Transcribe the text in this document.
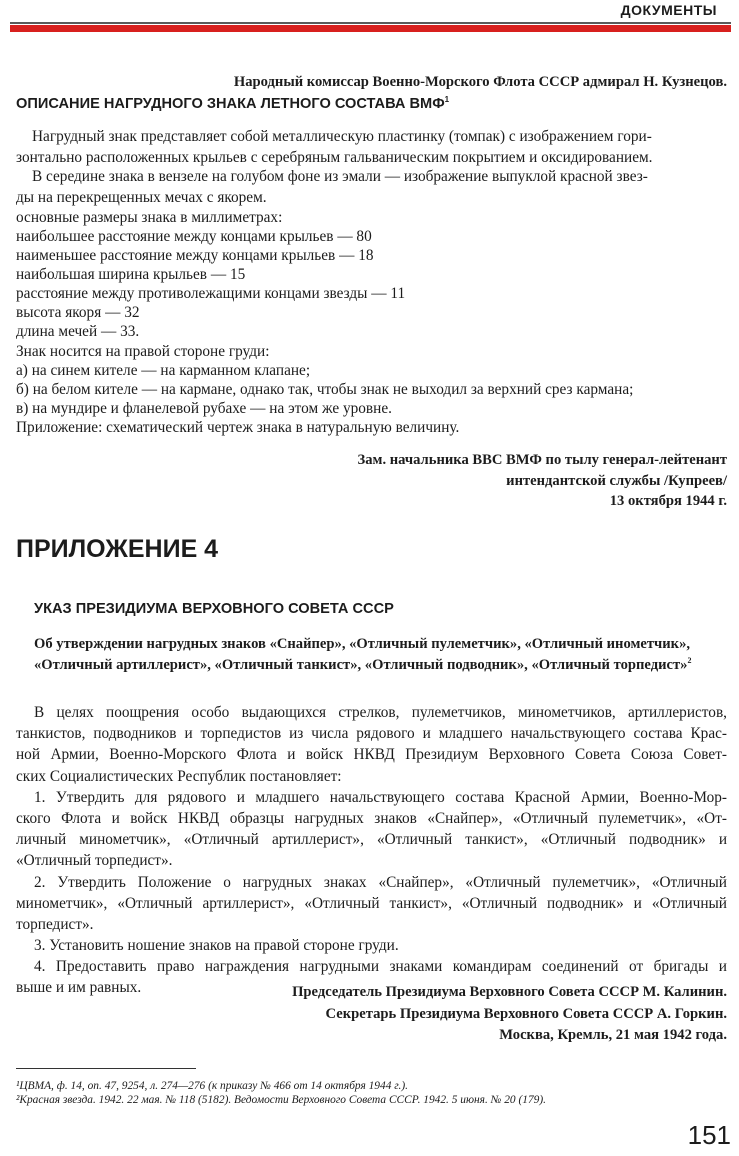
ДОКУМЕНТЫ
Народный комиссар Военно-Морского Флота СССР адмирал Н. Кузнецов.
ОПИСАНИЕ НАГРУДНОГО ЗНАКА ЛЕТНОГО СОСТАВА ВМФ$^1$
Нагрудный знак представляет собой металлическую пластинку (томпак) с изображением гори-
зонтально расположенных крыльев с серебряным гальваническим покрытием и оксидированием.
В середине знака в вензеле на голубом фоне из эмали — изображение выпуклой красной звез-
ды на перекрещенных мечах с якорем.
основные размеры знака в миллиметрах:
наибольшее расстояние между концами крыльев — 80
наименьшее расстояние между концами крыльев — 18
наибольшая ширина крыльев — 15
расстояние между противолежащими концами звезды — 11
высота якоря — 32
длина мечей — 33.
Знак носится на правой стороне груди:
а) на синем кителе — на карманном клапане;
б) на белом кителе — на кармане, однако так, чтобы знак не выходил за верхний срез кармана;
в) на мундире и фланелевой рубахе — на этом же уровне.
Приложение: схематический чертеж знака в натуральную величину.
Зам. начальника ВВС ВМФ по тылу генерал-лейтенант
интендантской службы /Купреев/
13 октября 1944 г.
ПРИЛОЖЕНИЕ 4
УКАЗ ПРЕЗИДИУМА ВЕРХОВНОГО СОВЕТА СССР
Об утверждении нагрудных знаков «Снайпер», «Отличный пулеметчик», «Отличный иномeтчик»,
«Отличный артиллерист», «Отличный танкист», «Отличный подводник», «Отличный торпедист»$^2$
В целях поощрения особо выдающихся стрелков, пулеметчиков, минометчиков, артиллеристов,
танкистов, подводников и торпедистов из числа рядового и младшего начальствующего состава Крас-
ной Армии, Военно-Морского Флота и войск НКВД Президиум Верховного Совета Союза Совет-
ских Социалистических Республик постановляет:
1. Утвердить для рядового и младшего начальствующего состава Красной Армии, Военно-Мор-
ского Флота и войск НКВД образцы нагрудных знаков «Снайпер», «Отличный пулеметчик», «От-
личный минометчик», «Отличный артиллерист», «Отличный танкист», «Отличный подводник» и
«Отличный торпедист».
2. Утвердить Положение о нагрудных знаках «Снайпер», «Отличный пулеметчик», «Отличный
минометчик», «Отличный артиллерист», «Отличный танкист», «Отличный подводник» и «Отличный
торпедист».
3. Установить ношение знаков на правой стороне груди.
4. Предоставить право награждения нагрудными знаками командирам соединений от бригады и
выше и им равных.	Председатель Президиума Верховного Совета СССР М. Калинин.
Секретарь Президиума Верховного Совета СССР А. Горкин.
Москва, Кремль, 21 мая 1942 года.
¹ЦВМА, ф. 14, оп. 47, 9254, л. 274—276 (к приказу № 466 от 14 октября 1944 г.).
²Красная звезда. 1942. 22 мая. № 118 (5182). Ведомости Верховного Совета СССР. 1942. 5 июня. № 20 (179).
151
